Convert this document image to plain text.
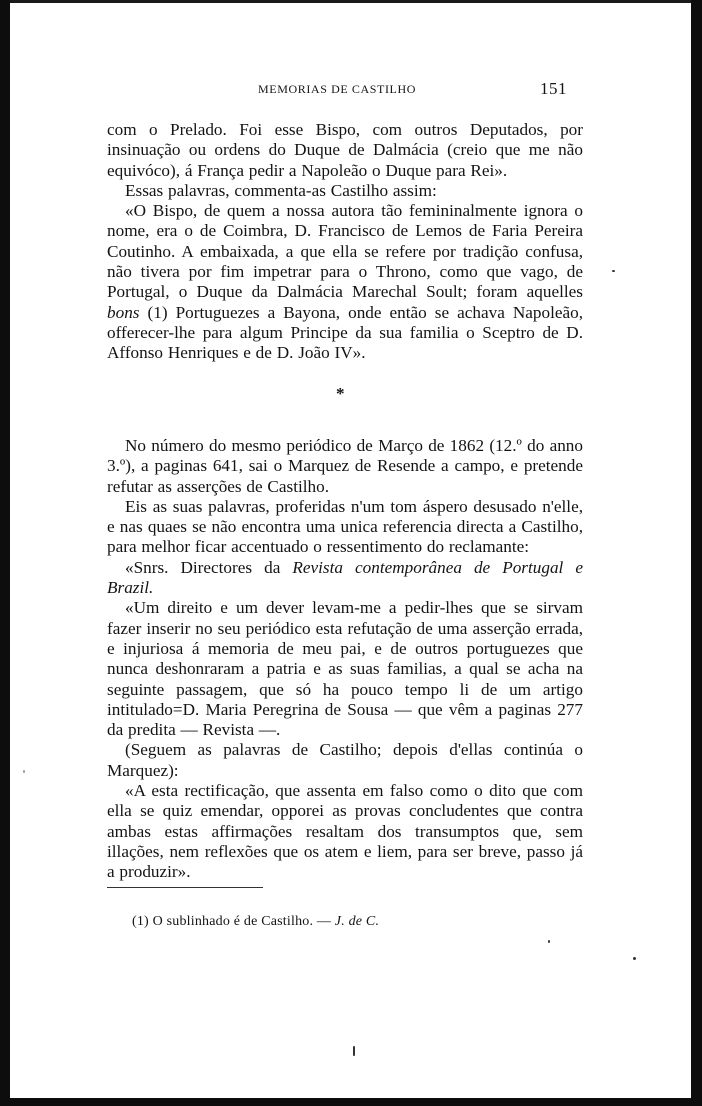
MEMORIAS DE CASTILHO	151

com o Prelado. Foi esse Bispo, com outros Deputados, por insinuação ou ordens do Duque de Dalmácia (creio que me não equivóco), á França pedir a Napoleão o Duque para Rei».

Essas palavras, commenta-as Castilho assim:

«O Bispo, de quem a nossa autora tão femininalmente ignora o nome, era o de Coimbra, D. Francisco de Lemos de Faria Pereira Coutinho. A embaixada, a que ella se refere por tradição confusa, não tivera por fim impetrar para o Throno, como que vago, de Portugal, o Duque da Dalmácia Marechal Soult; foram aquelles bons (1) Portuguezes a Bayona, onde então se achava Napoleão, offerecer-lhe para algum Principe da sua familia o Sceptro de D. Affonso Henriques e de D. João IV».

*

No número do mesmo periódico de Março de 1862 (12.º do anno 3.º), a paginas 641, sai o Marquez de Resende a campo, e pretende refutar as asserções de Castilho.

Eis as suas palavras, proferidas n'um tom áspero desusado n'elle, e nas quaes se não encontra uma unica referencia directa a Castilho, para melhor ficar accentuado o ressentimento do reclamante:

«Snrs. Directores da Revista contemporânea de Portugal e Brazil.

«Um direito e um dever levam-me a pedir-lhes que se sirvam fazer inserir no seu periódico esta refutação de uma asserção errada, e injuriosa á memoria de meu pai, e de outros portuguezes que nunca deshonraram a patria e as suas familias, a qual se acha na seguinte passagem, que só ha pouco tempo li de um artigo intitulado=D. Maria Peregrina de Sousa — que vêm a paginas 277 da predita — Revista —.

(Seguem as palavras de Castilho; depois d'ellas continúa o Marquez):

«A esta rectificação, que assenta em falso como o dito que com ella se quiz emendar, opporei as provas concludentes que contra ambas estas affirmações resaltam dos transumptos que, sem illações, nem reflexões que os atem e liem, para ser breve, passo já a produzir».

(1) O sublinhado é de Castilho. — J. de C.
